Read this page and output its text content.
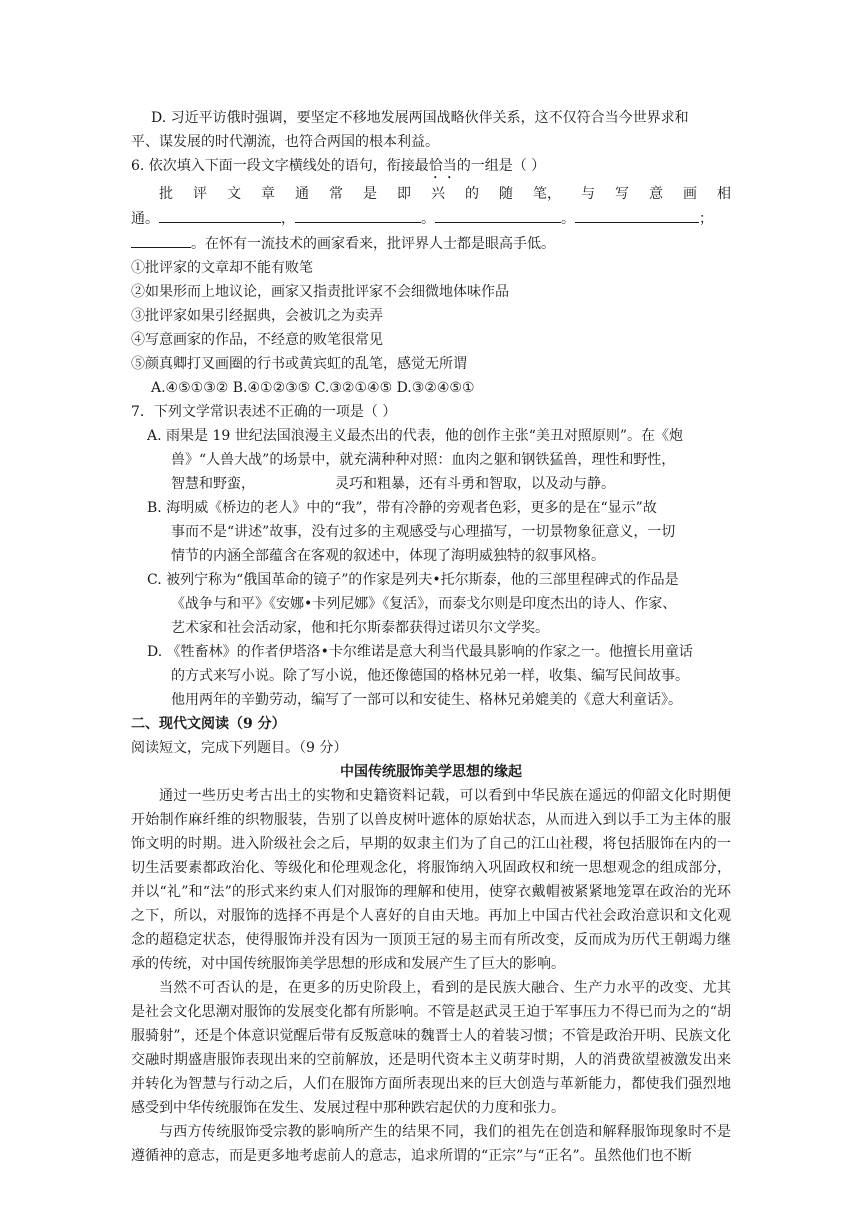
D. 习近平访俄时强调，要坚定不移地发展两国战略伙伴关系，这不仅符合当今世界求和

平、谋发展的时代潮流，也符合两国的根本利益。

6. 依次填入下面一段文字横线处的语句，衔接最恰当的一组是（ ）

批 评 文 章 通 常 是 即 兴 的 随 笔， 与 写 意 画 相

通。	，	。	。	；

。在怀有一流技术的画家看来，批评界人士都是眼高手低。

①批评家的文章却不能有败笔

②如果形而上地议论，画家又指责批评家不会细微地体味作品

③批评家如果引经据典，会被讥之为卖弄

④写意画家的作品，不经意的败笔很常见

⑤颜真卿打叉画圈的行书或黄宾虹的乱笔，感觉无所谓

A.④⑤①③② B.④①②③⑤ C.③②①④⑤ D.③②④⑤①

7．下列文学常识表述不正确的一项是（ ）

A. 雨果是 19 世纪法国浪漫主义最杰出的代表，他的创作主张“美丑对照原则”。在《炮

兽》“人兽大战”的场景中，就充满种种对照：血肉之躯和钢铁猛兽，理性和野性，

智慧和野蛮，	灵巧和粗暴，还有斗勇和智取，以及动与静。

B. 海明威《桥边的老人》中的“我”，带有冷静的旁观者色彩，更多的是在“显示”故

事而不是“讲述”故事，没有过多的主观感受与心理描写，一切景物象征意义，一切

情节的内涵全部蕴含在客观的叙述中，体现了海明威独特的叙事风格。

C. 被列宁称为“俄国革命的镜子”的作家是列夫•托尔斯泰，他的三部里程碑式的作品是

《战争与和平》《安娜•卡列尼娜》《复活》，而泰戈尔则是印度杰出的诗人、作家、

艺术家和社会活动家，他和托尔斯泰都获得过诺贝尔文学奖。

D. 《牲畜林》的作者伊塔洛•卡尔维诺是意大利当代最具影响的作家之一。他擅长用童话

的方式来写小说。除了写小说，他还像德国的格林兄弟一样，收集、编写民间故事。

他用两年的辛勤劳动，编写了一部可以和安徒生、格林兄弟媲美的《意大利童话》。

二、现代文阅读（9 分）

阅读短文，完成下列题目。（9 分）

中国传统服饰美学思想的缘起

通过一些历史考古出土的实物和史籍资料记载，可以看到中华民族在遥远的仰韶文化时期便开始制作麻纤维的织物服装，告别了以兽皮树叶遮体的原始状态，从而进入到以手工为主体的服饰文明的时期。进入阶级社会之后，早期的奴隶主们为了自己的江山社稷，将包括服饰在内的一切生活要素都政治化、等级化和伦理观念化，将服饰纳入巩固政权和统一思想观念的组成部分，并以“礼”和“法”的形式来约束人们对服饰的理解和使用，使穿衣戴帽被紧紧地笼罩在政治的光环之下，所以，对服饰的选择不再是个人喜好的自由天地。再加上中国古代社会政治意识和文化观念的超稳定状态，使得服饰并没有因为一顶顶王冠的易主而有所改变，反而成为历代王朝竭力继承的传统，对中国传统服饰美学思想的形成和发展产生了巨大的影响。

当然不可否认的是，在更多的历史阶段上，看到的是民族大融合、生产力水平的改变、尤其是社会文化思潮对服饰的发展变化都有所影响。不管是赵武灵王迫于军事压力不得已而为之的“胡服骑射”，还是个体意识觉醒后带有反叛意味的魏晋士人的着装习惯；不管是政治开明、民族文化交融时期盛唐服饰表现出来的空前解放，还是明代资本主义萌芽时期，人的消费欲望被激发出来并转化为智慧与行动之后，人们在服饰方面所表现出来的巨大创造与革新能力，都使我们强烈地感受到中华传统服饰在发生、发展过程中那种跌宕起伏的力度和张力。

与西方传统服饰受宗教的影响所产生的结果不同，我们的祖先在创造和解释服饰现象时不是遵循神的意志，而是更多地考虑前人的意志，追求所谓的“正宗”与“正名”。虽然他们也不断
